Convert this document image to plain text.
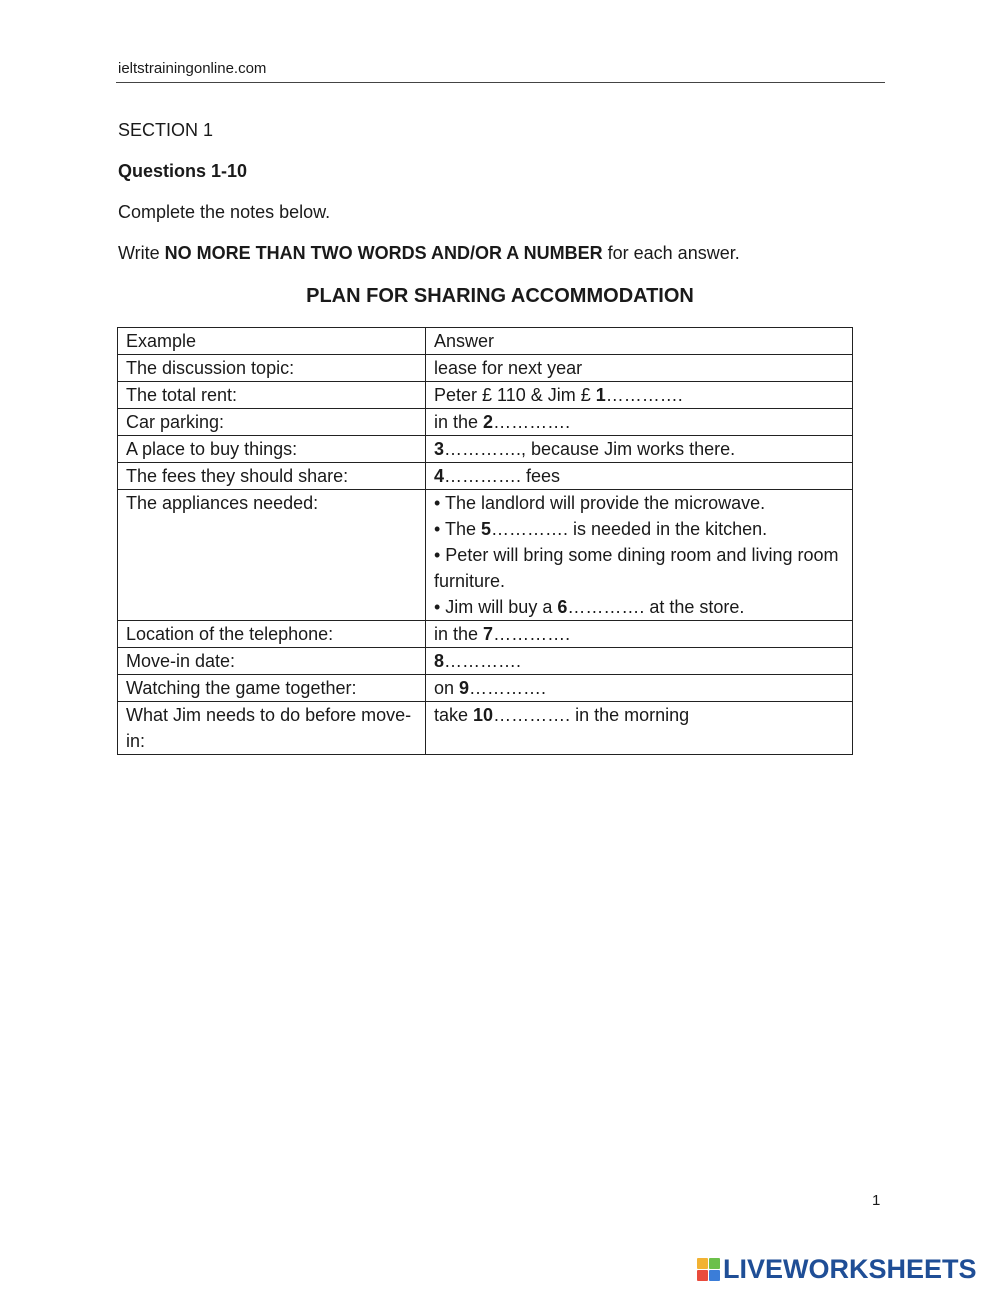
ieltstrainingonline.com
SECTION 1
Questions 1-10
Complete the notes below.
Write NO MORE THAN TWO WORDS AND/OR A NUMBER for each answer.
PLAN FOR SHARING ACCOMMODATION
Example	Answer
The discussion topic:	lease for next year
The total rent:	Peter £ 110 & Jim £ 1………….
Car parking:	in the 2………….
A place to buy things:	3…………., because Jim works there.
The fees they should share:	4…………. fees
The appliances needed:	• The landlord will provide the microwave.
• The 5…………. is needed in the kitchen.
• Peter will bring some dining room and living room furniture.
• Jim will buy a 6…………. at the store.

Location of the telephone:	in the 7………….
Move-in date:	8………….
Watching the game together:	on 9………….
What Jim needs to do before move-in:	take 10…………. in the morning
1
LIVEWORKSHEETS
